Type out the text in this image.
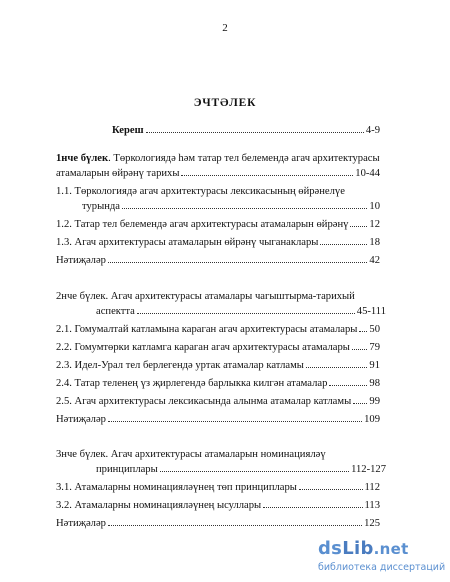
2
ЭЧТӘЛЕК
Кереш	4-9
1нче бүлек. Төркологиядә һәм татар тел белемендә агач архитектурасы
атамаларын өйрәнү тарихы	10-44
1.1. Төркологиядә агач архитектурасы лексикасының өйрәнелүе
турында	10
1.2. Татар тел белемендә агач архитектурасы атамаларын өйрәнү 12
1.3. Агач архитектурасы атамаларын өйрәнү чыганаклары	18
Нәтиҗәләр	42
2нче бүлек. Агач архитектурасы атамалары чагыштырма-тарихый
аспектта	45-111
2.1. Гомумалтай катламына караган агач архитектурасы атамалары 50
2.2. Гомумтөрки катламга караган агач архитектурасы атамалары 79
2.3. Идел-Урал тел берлегендә уртак атамалар катламы	91
2.4. Татар теленең үз җирлегендә барлыкка килгән атамалар	98
2.5. Агач архитектурасы лексикасында алынма атамалар катламы 99
Нәтиҗәләр	109
3нче бүлек. Агач архитектурасы атамаларын номинацияләү
принциплары	112-127
3.1. Атамаларны номинацияләүнең төп принциплары	112
3.2. Атамаларны номинацияләүнең ысуллары	113
Нәтиҗәләр	125
dsLib.net
библиотека диссертаций
